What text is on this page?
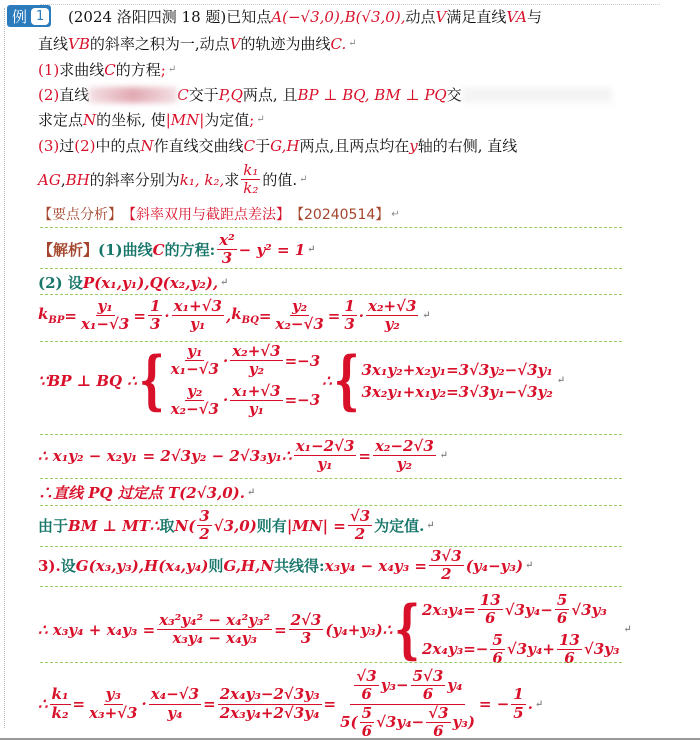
例 1	(2024 洛阳四测 18 题)已知点 A(−√3,0),B(√3,0), 动点 V 满足直线 VA 与
直线 VB 的斜率之积为一,动点 V 的轨迹为曲线 C. ↵
(1) 求曲线 C 的方程 ; ↵
(2) 直线	C 交于 P,Q 两点, 且 BP ⊥ BQ, BM ⊥ PQ 交
求定点 N 的坐标, 使 |MN| 为定值 ; ↵
(3) 过 (2) 中的点 N 作直线交曲线 C 于 G,H 两点,且两点均在 y 轴的右侧, 直线
AG , BH 的斜率分别为 k₁, k₂, 求 $\frac{\text{k₁}}{\text{k₂}}$ 的值. ↵
【要点分析】 【斜率双用与截距点差法】 【20240514】 ↵
【解析】 (1)曲线 C 的方程: $\frac{\text{x²}}{3} - y^2 = 1$ ↵
(2) 设 P(x₁,y₁),Q(x₂,y₂), ↵
$k_{BP} = \frac{\text{y₁}}{\text{x₁−√3}} = \frac{1}{3} \cdot \frac{\text{x₁+√3}}{\text{y₁}}$ , $k_{BQ} = \frac{\text{y₂}}{\text{x₂−√3}} = \frac{1}{3} \cdot \frac{\text{x₂+√3}}{\text{y₂}}$ ↵
∵BP ⊥ BQ ∴ { $\frac{\text{y₁}}{\text{x₁−√3}} \cdot \frac{\text{x₂+√3}}{\text{y₂}} =-3$
$\frac{\text{y₂}}{\text{x₂−√3}} \cdot \frac{\text{x₁+√3}}{\text{y₁}} =-3$
∴ { 3x₁y₂+x₂y₁=3√3y₂−√3y₁
3x₂y₁+x₁y₂=3√3y₁−√3y₂
↵
∴ x₁y₂ − x₂y₁ = 2√3y₂ − 2√3₃y₁ ∴ $\frac{\text{x₁−2√3}}{\text{y₁}} = \frac{\text{x₂−2√3}}{\text{y₂}}$ ↵
∴直线 PQ 过定点 T(2√3,0). ↵
由于 BM ⊥ MT ∴ 取 $N( \frac{3}{2} √3,0)$ 则有 $|MN| = \frac{√3}{2}$ 为定值. ↵
3). 设 G(x₃,y₃),H(x₄,y₄) 则 G,H,N 共线得: $x_3y_4 - x_4y_3 = \frac{3√3}{2} (y_4-y_3)$ ↵
∴ $x_3y_4 + x_4y_3 = \frac{\text{x₃²y₄² − x₄²y₃²}}{\text{x₃y₄ − x₄y₃}} = \frac{2√3}{3} (y_4+y_3)$ ∴ { $2x_3y_4= \frac{13}{6} √3y_4- \frac{5}{6} √3y_3$
$2x_4y_3=- \frac{5}{6} √3y_4+ \frac{13}{6} √3y_3$
↵
∴ $\frac{\text{k₁}}{\text{k₂}} = \frac{\text{y₃}}{\text{x₃+√3}} \cdot \frac{\text{x₄−√3}}{\text{y₄}} = \frac{\text{2x₄y₃−2√3y₃}}{\text{2x₃y₄+2√3y₄}} = \frac{\frac{√3}{6} y_3- \frac{5√3}{6} y_4}{5( \frac{5}{6} √3y_4- \frac{√3}{6} y_3)}$ = − $\frac{1}{5}$ . ↵
